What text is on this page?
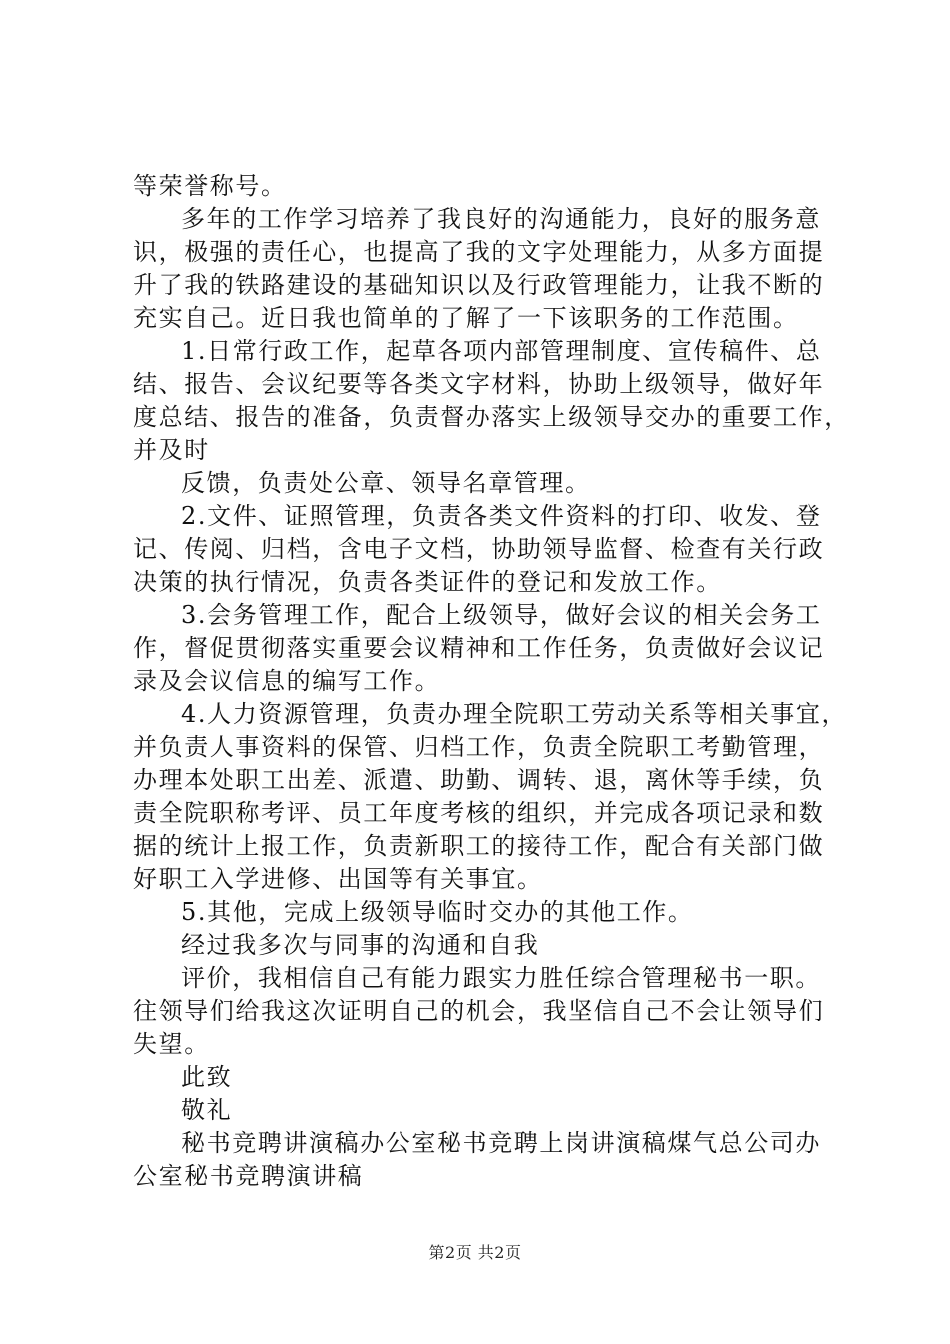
等荣誉称号。
多年的工作学习培养了我良好的沟通能力，良好的服务意
识，极强的责任心，也提高了我的文字处理能力，从多方面提
升了我的铁路建设的基础知识以及行政管理能力，让我不断的
充实自己。近日我也简单的了解了一下该职务的工作范围。
1.日常行政工作，起草各项内部管理制度、宣传稿件、总
结、报告、会议纪要等各类文字材料，协助上级领导，做好年
度总结、报告的准备，负责督办落实上级领导交办的重要工作，
并及时
反馈，负责处公章、领导名章管理。
2.文件、证照管理，负责各类文件资料的打印、收发、登
记、传阅、归档，含电子文档，协助领导监督、检查有关行政
决策的执行情况，负责各类证件的登记和发放工作。
3.会务管理工作，配合上级领导，做好会议的相关会务工
作，督促贯彻落实重要会议精神和工作任务，负责做好会议记
录及会议信息的编写工作。
4.人力资源管理，负责办理全院职工劳动关系等相关事宜，
并负责人事资料的保管、归档工作，负责全院职工考勤管理，
办理本处职工出差、派遣、助勤、调转、退，离休等手续，负
责全院职称考评、员工年度考核的组织，并完成各项记录和数
据的统计上报工作，负责新职工的接待工作，配合有关部门做
好职工入学进修、出国等有关事宜。
5.其他，完成上级领导临时交办的其他工作。
经过我多次与同事的沟通和自我
评价，我相信自己有能力跟实力胜任综合管理秘书一职。
往领导们给我这次证明自己的机会，我坚信自己不会让领导们
失望。
此致
敬礼
秘书竞聘讲演稿办公室秘书竞聘上岗讲演稿煤气总公司办
公室秘书竞聘演讲稿
第2页 共2页
